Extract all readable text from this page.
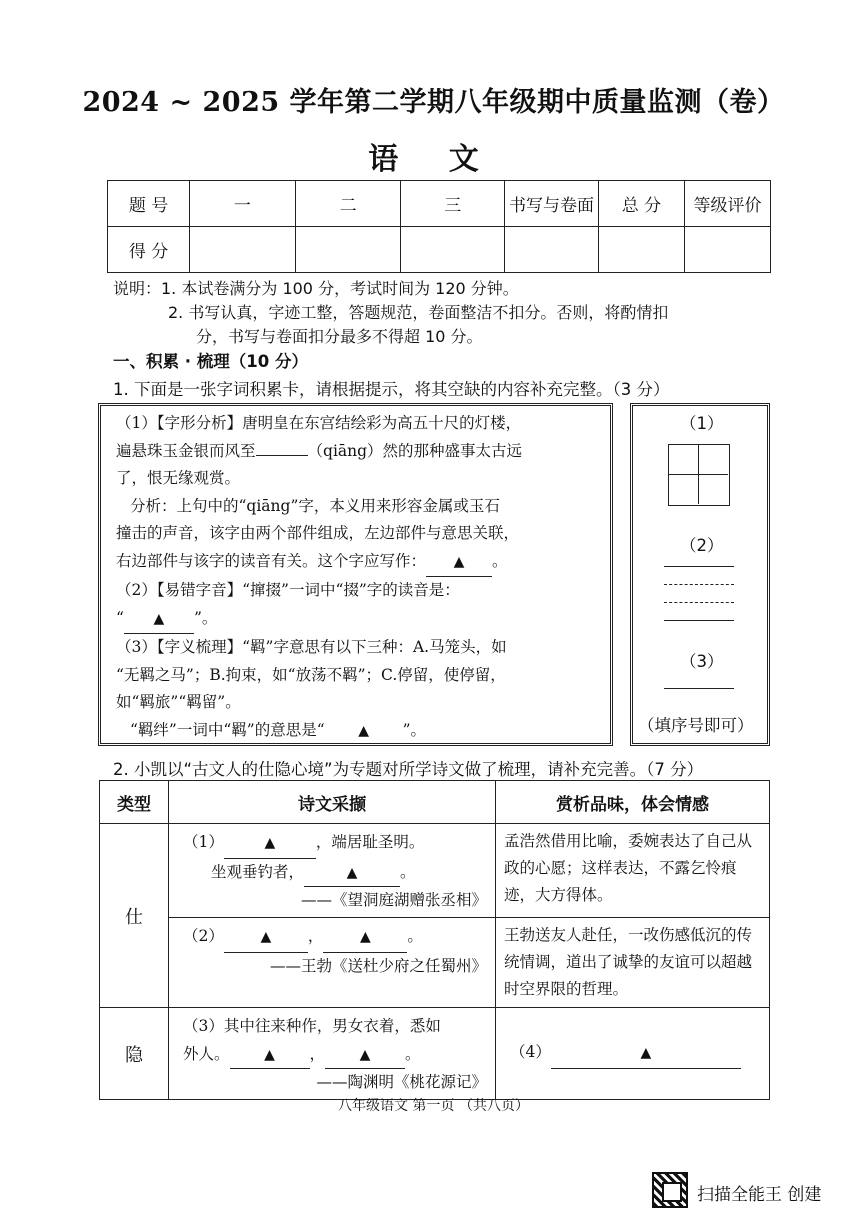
2024 ~ 2025 学年第二学期八年级期中质量监测（卷）
语 文
题 号	一	二	三	书写与卷面	总 分	等级评价
得 分						
说明：1. 本试卷满分为 100 分，考试时间为 120 分钟。
2. 书写认真，字迹工整，答题规范，卷面整洁不扣分。否则，将酌情扣
分，书写与卷面扣分最多不得超 10 分。
一、积累 · 梳理（10 分）
1. 下面是一张字词积累卡，请根据提示，将其空缺的内容补充完整。（3 分）

（1）【字形分析】唐明皇在东宫结绘彩为高五十尺的灯楼，

遍悬珠玉金银而风至	（qiāng）然的那种盛事太古远

了，恨无缘观赏。

分析：上句中的“qiāng”字，本义用来形容金属或玉石

撞击的声音，该字由两个部件组成，左边部件与意思关联，

右边部件与该字的读音有关。这个字应写作： ▲ 。

（2）【易错字音】“撺掇”一词中“掇”字的读音是：

“ ▲ ”。

（3）【字义梳理】“羁”字意思有以下三种：A.马笼头，如

“无羁之马”；B.拘束，如“放荡不羁”；C.停留，使停留，

如“羁旅”“羁留”。

“羁绊”一词中“羁”的意思是“ ▲ ”。

（1）
（2）
（3）
（填序号即可）
2. 小凯以“古文人的仕隐心境”为专题对所学诗文做了梳理，请补充完善。（7 分）
类型	诗文采撷	赏析品味，体会情感
仕	（1） ▲ ，端居耻圣明。
坐观垂钓者， ▲ 。
——《望洞庭湖赠张丞相》	孟浩然借用比喻，委婉表达了自己从政的心愿；这样表达，不露乞怜痕迹，大方得体。

	（2） ▲ ， ▲ 。
——王勃《送杜少府之任蜀州》	王勃送友人赴任，一改伤感低沉的传统情调，道出了诚挚的友谊可以超越时空界限的哲理。

隐	（3）其中往来种作，男女衣着，悉如
外人。 ▲ ， ▲ 。
——陶渊明《桃花源记》	（4） ▲
八年级语文 第一页 （共八页）
扫描全能王 创建
